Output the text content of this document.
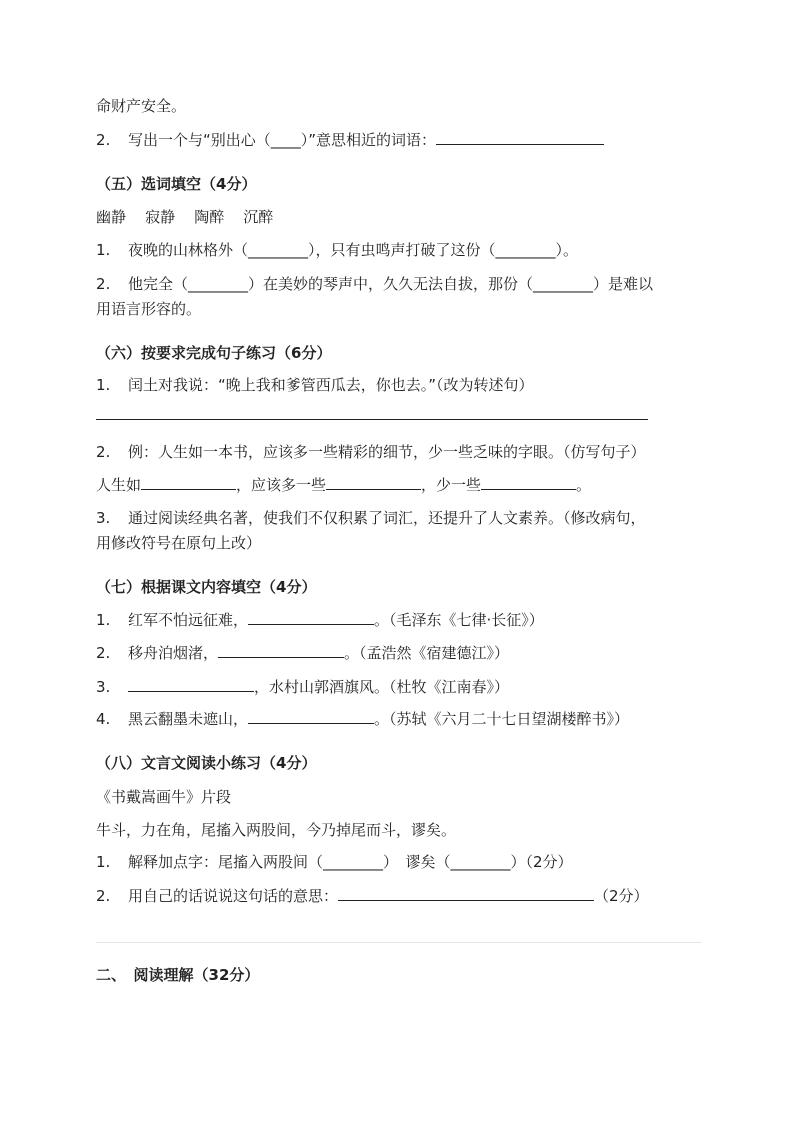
命财产安全。
2. 写出一个与“别出心（____）”意思相近的词语：
（五）选词填空（4分）
幽静 寂静 陶醉 沉醉
1. 夜晚的山林格外（________），只有虫鸣声打破了这份（________）。
2. 他完全（________）在美妙的琴声中，久久无法自拔，那份（________）是难以
用语言形容的。
（六）按要求完成句子练习（6分）
1. 闰土对我说：“晚上我和爹管西瓜去，你也去。”（改为转述句）
2. 例：人生如一本书，应该多一些精彩的细节，少一些乏味的字眼。（仿写句子）
人生如	，应该多一些	，少一些	。
3. 通过阅读经典名著，使我们不仅积累了词汇，还提升了人文素养。（修改病句，
用修改符号在原句上改）
（七）根据课文内容填空（4分）
1. 红军不怕远征难，	。（毛泽东《七律·长征》）
2. 移舟泊烟渚，	。（孟浩然《宿建德江》）
3.	，水村山郭酒旗风。（杜牧《江南春》）
4. 黑云翻墨未遮山，	。（苏轼《六月二十七日望湖楼醉书》）
（八）文言文阅读小练习（4分）
《书戴嵩画牛》片段
牛斗，力在角，尾搐入两股间，今乃掉尾而斗，谬矣。
1. 解释加点字：尾搐入两股间（________）　谬矣（________）（2分）
2. 用自己的话说说这句话的意思：	（2分）
二、　阅读理解（32分）
